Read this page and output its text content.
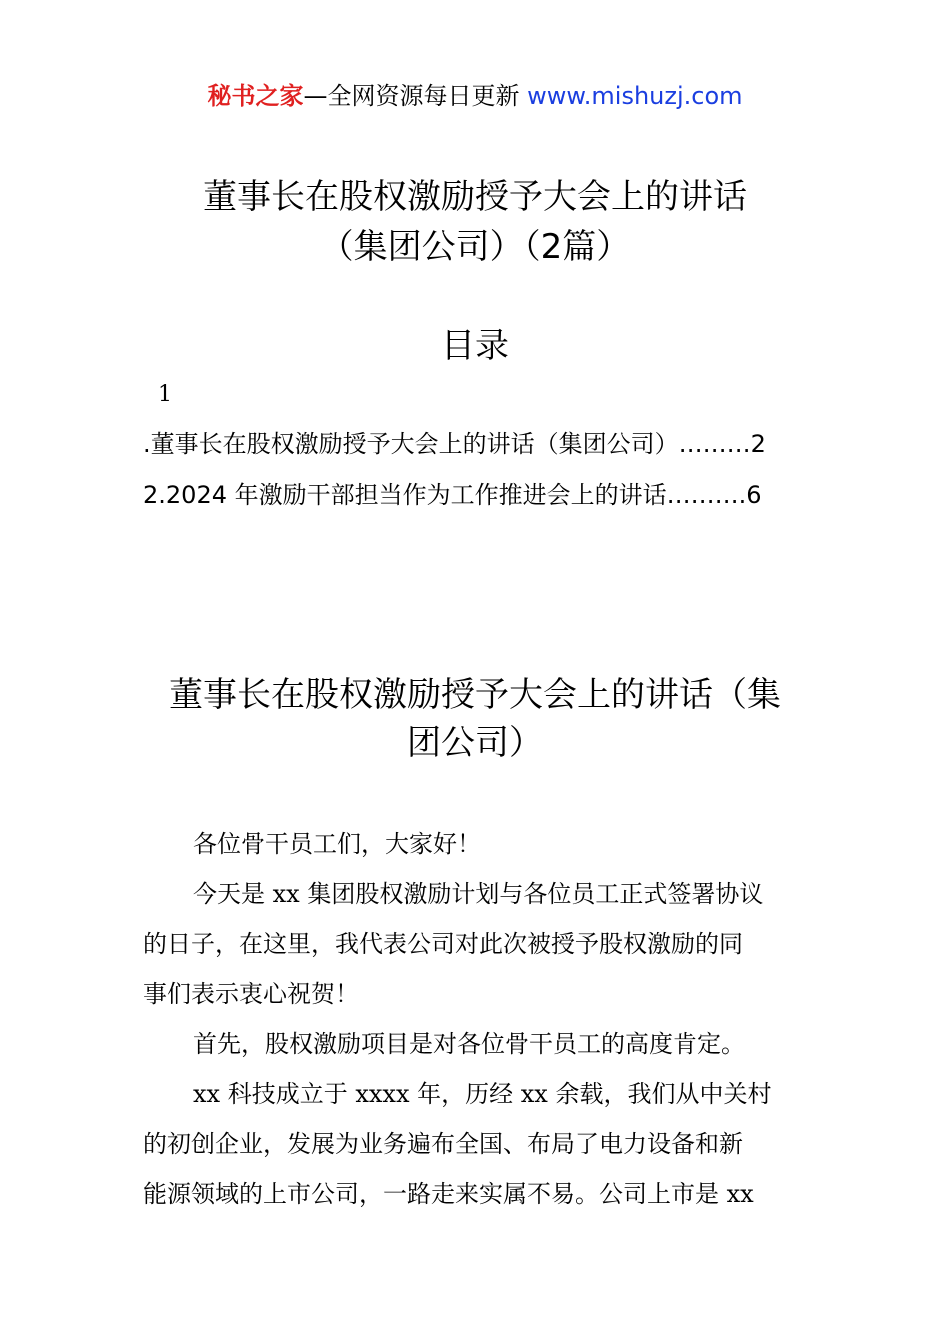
秘书之家—全网资源每日更新 www.mishuzj.com
董事长在股权激励授予大会上的讲话
（集团公司）（2篇）
目录
1
.董事长在股权激励授予大会上的讲话（集团公司）………2
2.2024 年激励干部担当作为工作推进会上的讲话……….6
董事长在股权激励授予大会上的讲话（集
团公司）
各位骨干员工们，大家好！
今天是 xx 集团股权激励计划与各位员工正式签署协议
的日子，在这里，我代表公司对此次被授予股权激励的同
事们表示衷心祝贺！
首先，股权激励项目是对各位骨干员工的高度肯定。
xx 科技成立于 xxxx 年，历经 xx 余载，我们从中关村
的初创企业，发展为业务遍布全国、布局了电力设备和新
能源领域的上市公司，一路走来实属不易。公司上市是 xx
